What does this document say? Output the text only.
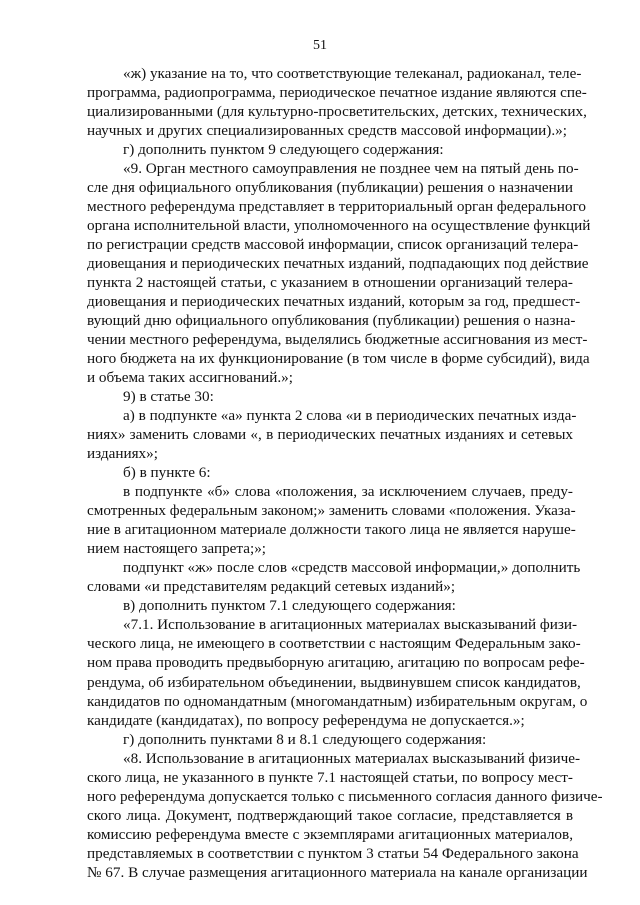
51
«ж) указание на то, что соответствующие телеканал, радиоканал, теле-
программа, радиопрограмма, периодическое печатное издание являются спе-
циализированными (для культурно-просветительских, детских, технических,
научных и других специализированных средств массовой информации).»;
г) дополнить пунктом 9 следующего содержания:
«9. Орган местного самоуправления не позднее чем на пятый день по-
сле дня официального опубликования (публикации) решения о назначении
местного референдума представляет в территориальный орган федерального
органа исполнительной власти, уполномоченного на осуществление функций
по регистрации средств массовой информации, список организаций телера-
диовещания и периодических печатных изданий, подпадающих под действие
пункта 2 настоящей статьи, с указанием в отношении организаций телера-
диовещания и периодических печатных изданий, которым за год, предшест-
вующий дню официального опубликования (публикации) решения о назна-
чении местного референдума, выделялись бюджетные ассигнования из мест-
ного бюджета на их функционирование (в том числе в форме субсидий), вида
и объема таких ассигнований.»;
9) в статье 30:
а) в подпункте «а» пункта 2 слова «и в периодических печатных изда-
ниях» заменить словами «, в периодических печатных изданиях и сетевых
изданиях»;
б) в пункте 6:
в подпункте «б» слова «положения, за исключением случаев, преду-
смотренных федеральным законом;» заменить словами «положения. Указа-
ние в агитационном материале должности такого лица не является наруше-
нием настоящего запрета;»;
подпункт «ж» после слов «средств массовой информации,» дополнить
словами «и представителям редакций сетевых изданий»;
в) дополнить пунктом 7.1 следующего содержания:
«7.1. Использование в агитационных материалах высказываний физи-
ческого лица, не имеющего в соответствии с настоящим Федеральным зако-
ном права проводить предвыборную агитацию, агитацию по вопросам рефе-
рендума, об избирательном объединении, выдвинувшем список кандидатов,
кандидатов по одномандатным (многомандатным) избирательным округам, о
кандидате (кандидатах), по вопросу референдума не допускается.»;
г) дополнить пунктами 8 и 8.1 следующего содержания:
«8. Использование в агитационных материалах высказываний физиче-
ского лица, не указанного в пункте 7.1 настоящей статьи, по вопросу мест-
ного референдума допускается только с письменного согласия данного физиче-
ского лица. Документ, подтверждающий такое согласие, представляется в
комиссию референдума вместе с экземплярами агитационных материалов,
представляемых в соответствии с пунктом 3 статьи 54 Федерального закона
№ 67. В случае размещения агитационного материала на канале организации
